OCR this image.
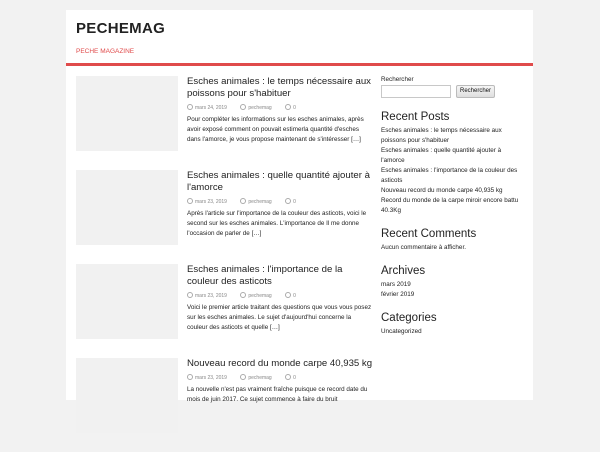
PECHEMAG
PECHE MAGAZINE
Esches animales : le temps nécessaire aux poissons pour s'habituer
mars 24, 2019	pechemag	0
Pour compléter les informations sur les esches animales, après avoir exposé comment on pouvait estimerla quantité d'esches dans l'amorce, je vous propose maintenant de s'intéresser […]
Esches animales : quelle quantité ajouter à l'amorce
mars 23, 2019	pechemag	0
Après l'article sur l'importance de la couleur des asticots, voici le second sur les esches animales. L'importance de Il me donne l'occasion de parler de […]
Esches animales : l'importance de la couleur des asticots
mars 23, 2019	pechemag	0
Voici le premier article traitant des questions que vous vous posez sur les esches animales. Le sujet d'aujourd'hui concerne la couleur des asticots et quelle […]
Nouveau record du monde carpe 40,935 kg
mars 23, 2019	pechemag	0
La nouvelle n'est pas vraiment fraîche puisque ce record date du mois de juin 2017. Ce sujet commence à faire du bruit
Rechercher
Rechercher
Recent Posts
Esches animales : le temps nécessaire aux poissons pour s'habituer
Esches animales : quelle quantité ajouter à l'amorce
Esches animales : l'importance de la couleur des asticots
Nouveau record du monde carpe 40,935 kg
Record du monde de la carpe miroir encore battu 40.3Kg
Recent Comments
Aucun commentaire à afficher.
Archives
mars 2019
février 2019
Categories
Uncategorized
